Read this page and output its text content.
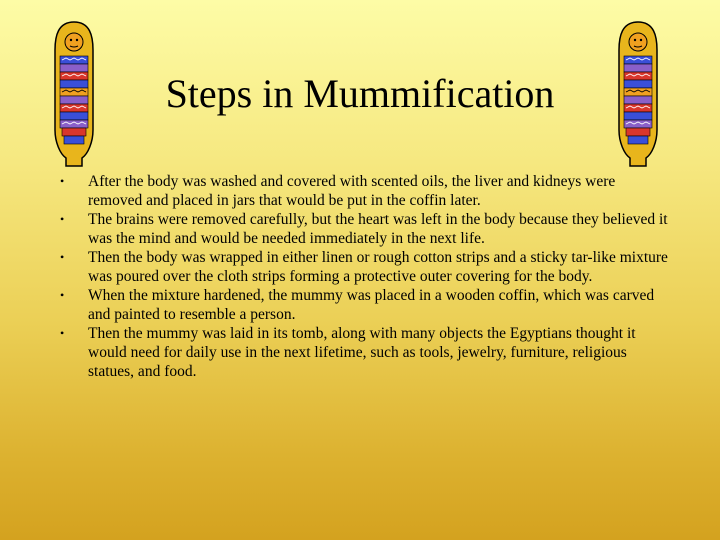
Steps in Mummification
•	After the body was washed and covered with scented oils, the liver and kidneys were removed and placed in jars that would be put in the coffin later.
•	The brains were removed carefully, but the heart was left in the body because they believed it was the mind and would be needed immediately in the next life.
•	Then the body was wrapped in either linen or rough cotton strips and a sticky tar-like mixture was poured over the cloth strips forming a protective outer covering for the body.
•	When the mixture hardened, the mummy was placed in a wooden coffin, which was carved and painted to resemble a person.
•	Then the mummy was laid in its tomb, along with many objects the Egyptians thought it would need for daily use in the next lifetime, such as tools, jewelry, furniture, religious statues, and food.
